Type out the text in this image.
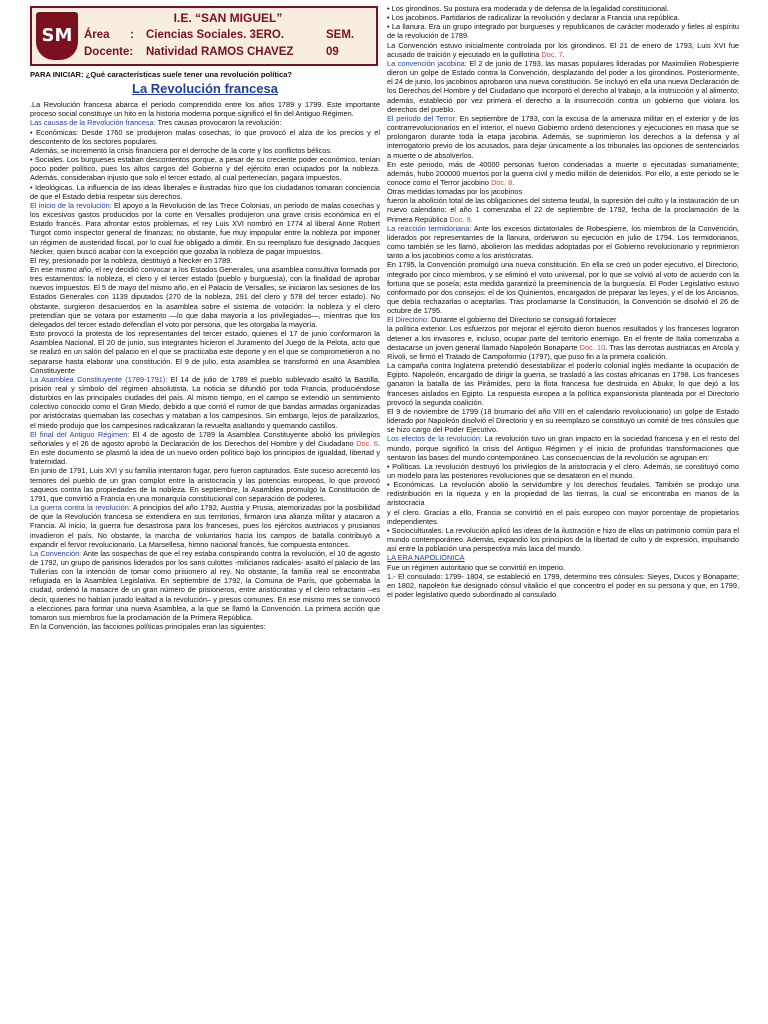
SM
I.E. “SAN MIGUEL”
Área	:	Ciencias Sociales. 3ERO.	SEM.
Docente:	Natividad RAMOS CHAVEZ	09

PARA INICIAR: ¿Qué características suele tener una revolución política?

La Revolución francesa

.La Revolución francesa abarca el periodo comprendido entre los años 1789 y 1799. Este importante proceso social constituye un hito en la historia moderna porque significó el fin del Antiguo Régimen.

Las causas de la Revolución francesa: Tres causas provocaron la revolución:

• Económicas: Desde 1760 se produjeron malas cosechas, lo que provocó el alza de los precios y el descontento de los sectores populares.

Además, se incrementó la crisis financiera por el derroche de la corte y los conflictos bélicos.

• Sociales. Los burgueses estaban descontentos porque, a pesar de su creciente poder económico, tenían poco poder político, pues los altos cargos del Gobierno y del ejército eran ocupados por la nobleza. Además, consideraban injusto que solo el tercer estado, al cual pertenecían, pagara impuestos.

• Ideológicas. La influencia de las ideas liberales e ilustradas hizo que los ciudadanos tomaran conciencia de que el Estado debía respetar sus derechos.

El inicio de la revolución: El apoyo a la Revolución de las Trece Colonias, un periodo de malas cosechas y los excesivos gastos producidos por la corte en Versalles produjeron una grave crisis económica en el Estado francés. Para afrontar estos problemas, el rey Luis XVI nombró en 1774 al liberal Anne Robert Turgot como inspector general de finanzas; no obstante, fue muy impopular entre la nobleza por imponer un régimen de austeridad fiscal, por lo cual fue obligado a dimitir. En su reemplazo fue designado Jacques Necker, quien buscó acabar con la excepción que gozaba la nobleza de pagar impuestos.

El rey, presionado por la nobleza, destituyó a Necker en 1789.

En ese mismo año, el rey decidió convocar a los Estados Generales, una asamblea consultiva formada por tres estamentos: la nobleza, el clero y el tercer estado (pueblo y burguesía), con la finalidad de aprobar nuevos impuestos. El 5 de mayo del mismo año, en el Palacio de Versalles, se iniciaron las sesiones de los Estados Generales con 1139 diputados (270 de la nobleza, 291 del clero y 578 del tercer estado). No obstante, surgieron desacuerdos en la asamblea sobre el sistema de votación: la nobleza y el clero pretendían que se votara por estamento —lo que daba mayoría a los privilegiados—, mientras que los delegados del tercer estado defendían el voto por persona, que les otorgaba la mayoría.

Esto provocó la protesta de los representantes del tercer estado, quienes el 17 de junio conformaron la Asamblea Nacional. El 20 de junio, sus integrantes hicieron el Juramento del Juego de la Pelota, acto que se realizó en un salón del palacio en el que se practicaba este deporte y en el que se comprometieron a no separarse hasta elaborar una constitución. El 9 de julio, esta asamblea se transformó en una Asamblea Constituyente

La Asamblea Constituyente (1789-1791): El 14 de julio de 1789 el pueblo sublevado asaltó la Bastilla, prisión real y símbolo del régimen absolutista. La noticia se difundió por toda Francia, produciéndose disturbios en las principales ciudades del país. Al mismo tiempo, en el campo se extendió un sentimiento colectivo conocido como el Gran Miedo, debido a que corrió el rumor de que bandas armadas organizadas por aristócratas quemaban las cosechas y mataban a los campesinos. Sin embargo, lejos de paralizarlos, el miedo produjo que los campesinos radicalizaran la revuelta asaltando y quemando castillos.

El final del Antiguo Régimen: El 4 de agosto de 1789 la Asamblea Constituyente abolió los privilegios señoriales y el 26 de agosto aprobó la Declaración de los Derechos del Hombre y del Ciudadano Doc. 6. En este documento se plasmó la idea de un nuevo orden político bajo los principios de igualdad, libertad y fraternidad.

En junio de 1791, Luis XVI y su familia intentaron fugar, pero fueron capturados. Este suceso acrecentó los temores del pueblo de un gran complot entre la aristocracia y las potencias europeas, lo que provocó saqueos contra las propiedades de la nobleza. En septiembre, la Asamblea promulgó la Constitución de 1791, que convirtió a Francia en una monarquía constitucional con separación de poderes.

La guerra contra la revolución: A principios del año 1792, Austria y Prusia, atemorizadas por la posibilidad de que la Revolución francesa se extendiera en sus territorios, firmaron una alianza militar y atacaron a Francia. Al inicio, la guerra fue desastrosa para los franceses, pues los ejércitos austriacos y prusianos invadieron el país. No obstante, la marcha de voluntarios hacia los campos de batalla contribuyó a expandir el fervor revolucionario. La Marsellesa, himno nacional francés, fue compuesta entonces.

La Convención: Ante las sospechas de que el rey estaba conspirando contra la revolución, el 10 de agosto de 1792, un grupo de parisinos liderados por los sans culottes -milicianos radicales- asaltó el palacio de las Tullerías con la intención de tomar como prisionero al rey. No obstante, la familia real se encontraba refugiada en la Asamblea Legislativa. En septiembre de 1792, la Comuna de París, que gobernaba la ciudad, ordenó la masacre de un gran número de prisioneros, entre aristócratas y el clero refractario –es decir, quienes no habían jurado lealtad a la revolución– y presos comunes. En ese mismo mes se convocó a elecciones para formar una nueva Asamblea, a la que se llamó la Convención. La primera acción que tomaron sus miembros fue la proclamación de la Primera República.

En la Convención, las facciones políticas principales eran las siguientes:

• Los girondinos. Su postura era moderada y de defensa de la legalidad constitucional.

• Los jacobinos. Partidarios de radicalizar la revolución y declarar a Francia una república.

• La llanura. Era un grupo integrado por burgueses y republicanos de carácter moderado y fieles al espíritu de la revolución de 1789.

La Convención estuvo inicialmente controlada por los girondinos. El 21 de enero de 1793, Luis XVI fue acusado de traición y ejecutado en la guillotina Doc. 7.

La convención jacobina: El 2 de junio de 1793, las masas populares lideradas por Maximilien Robespierre dieron un golpe de Estado contra la Convención, desplazando del poder a los girondinos. Posteriormente, el 24 de junio, los jacobinos aprobaron una nueva constitución. Se incluyó en ella una nueva Declaración de los Derechos del Hombre y del Ciudadano que incorporó el derecho al trabajo, a la instrucción y al alimento; además, estableció por vez primera el derecho a la insurrección contra un gobierno que violara los derechos del pueblo.

El periodo del Terror: En septiembre de 1793, con la excusa de la amenaza militar en el exterior y de los contrarrevolucionarios en el interior, el nuevo Gobierno ordenó detenciones y ejecuciones en masa que se prolongaron durante toda la etapa jacobina. Además, se suprimieron los derechos a la defensa y al interrogatorio previo de los acusados, para dejar únicamente a los tribunales las opciones de sentenciarlos a muerte o de absolverlos.

En este periodo, más de 40000 personas fueron condenadas a muerte o ejecutadas sumariamente; además, hubo 200000 muertos por la guerra civil y medio millón de detenidos. Por ello, a este periodo se le conoce como el Terror jacobino Doc. 8.

Otras medidas tomadas por los jacobinos

fueron la abolición total de las obligaciones del sistema feudal, la supresión del culto y la instauración de un nuevo calendario: el año 1 comenzaba el 22 de septiembre de 1792, fecha de la proclamación de la Primera República Doc. 9.

La reacción termidoriana: Ante los excesos dictatoriales de Robespierre, los miembros de la Convención, liderados por representantes de la llanura, ordenaron su ejecución en julio de 1794. Los termidorianos, como también se les llamó, abolieron las medidas adoptadas por el Gobierno revolucionario y reprimieron tanto a los jacobinos como a los aristócratas.

En 1795, la Convención promulgó una nueva constitución. En ella se creó un poder ejecutivo, el Directorio, integrado por cinco miembros, y se eliminó el voto universal, por lo que se volvió al voto de acuerdo con la fortuna que se poseía; esta medida garantizó la preeminencia de la burguesía. El Poder Legislativo estuvo conformado por dos consejos: el de los Quinientos, encargados de preparar las leyes, y el de los Ancianos, que debía rechazarlas o aceptarlas. Tras proclamarse la Constitución, la Convención se disolvió el 26 de octubre de 1795.

El Directorio: Durante el gobierno del Directorio se consiguió fortalecer

la política exterior. Los esfuerzos por mejorar el ejército dieron buenos resultados y los franceses lograron detener a los invasores e, incluso, ocupar parte del territorio enemigo. En el frente de Italia comenzaba a destacarse un joven general llamado Napoleón Bonaparte Doc. 10. Tras las derrotas austriacas en Arcola y Rívoli, se firmó el Tratado de Campoformio (1797), que puso fin a la primera coalición.

La campaña contra Inglaterra pretendió desestabilizar el poderío colonial inglés mediante la ocupación de Egipto. Napoleón, encargado de dirigir la guerra, se trasladó a las costas africanas en 1798. Los franceses ganaron la batalla de las Pirámides, pero la flota francesa fue destruida en Abukir, lo que dejó a los franceses aislados en Egipto. La respuesta europea a la política expansionista planteada por el Directorio provocó la segunda coalición.

El 9 de noviembre de 1799 (18 brumario del año VIII en el calendario revolucionario) un golpe de Estado liderado por Napoleón disolvió el Directorio y en su reemplazo se constituyó un comité de tres cónsules que se hizo cargo del Poder Ejecutivo.

Los efectos de la revolución: La revolución tuvo un gran impacto en la sociedad francesa y en el resto del mundo, porque significó la crisis del Antiguo Régimen y el inicio de profundas transformaciones que sentaron las bases del mundo contemporáneo. Las consecuencias de la revolución se agrupan en:

• Políticas. La revolución destruyó los privilegios de la aristocracia y el clero. Además, se constituyó como un modelo para las posteriores revoluciones que se desataron en el mundo.

• Económicas. La revolución abolió la servidumbre y los derechos feudales. También se produjo una redistribución en la riqueza y en la propiedad de las tierras, la cual se encontraba en manos de la aristocracia

y el clero. Gracias a ello, Francia se convirtió en el país europeo con mayor porcentaje de propietarios independientes.

• Socioculturales. La revolución aplicó las ideas de la ilustración e hizo de ellas un patrimonio común para el mundo contemporáneo. Además, expandió los principios de la libertad de culto y de expresión, impulsando así entre la población una perspectiva más laica del mundo.

LA ERA NAPOLIÓNICA

Fue un régimen autoritario que se convirtió en imperio.

1.- El consulado: 1799- 1804, se estableció en 1799, determino tres cónsules: Sieyes, Ducos y Bonaparte; en 1802, napoleón fue designado cónsul vitalicio el que concentro el poder en su persona y que, en 1799, el poder legislativo quedo subordinado al consulado.
